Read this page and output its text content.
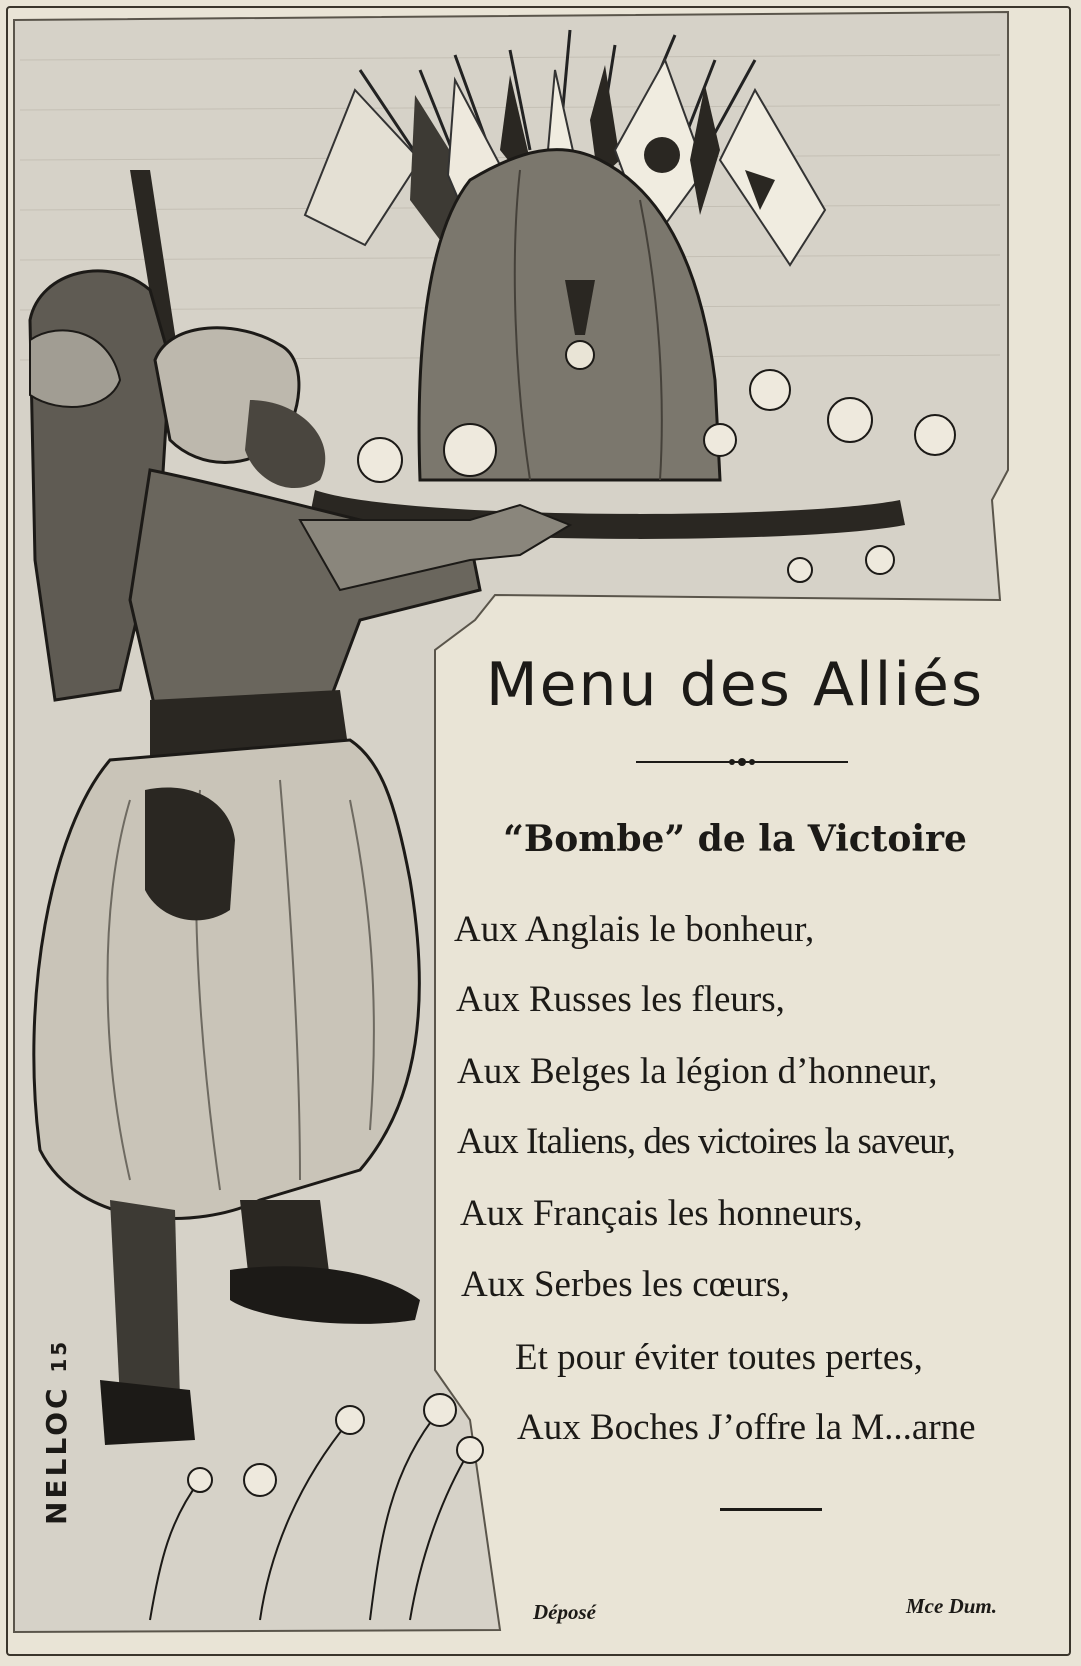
Menu des Alliés
“Bombe” de la Victoire
Aux Anglais le bonheur,
Aux Russes les fleurs,
Aux Belges la légion d’honneur,
Aux Italiens, des victoires la saveur,
Aux Français les honneurs,
Aux Serbes les cœurs,
Et pour éviter toutes pertes,
Aux Boches J’offre la M...arne
Déposé	Mce Dum.
NELLOC 15
